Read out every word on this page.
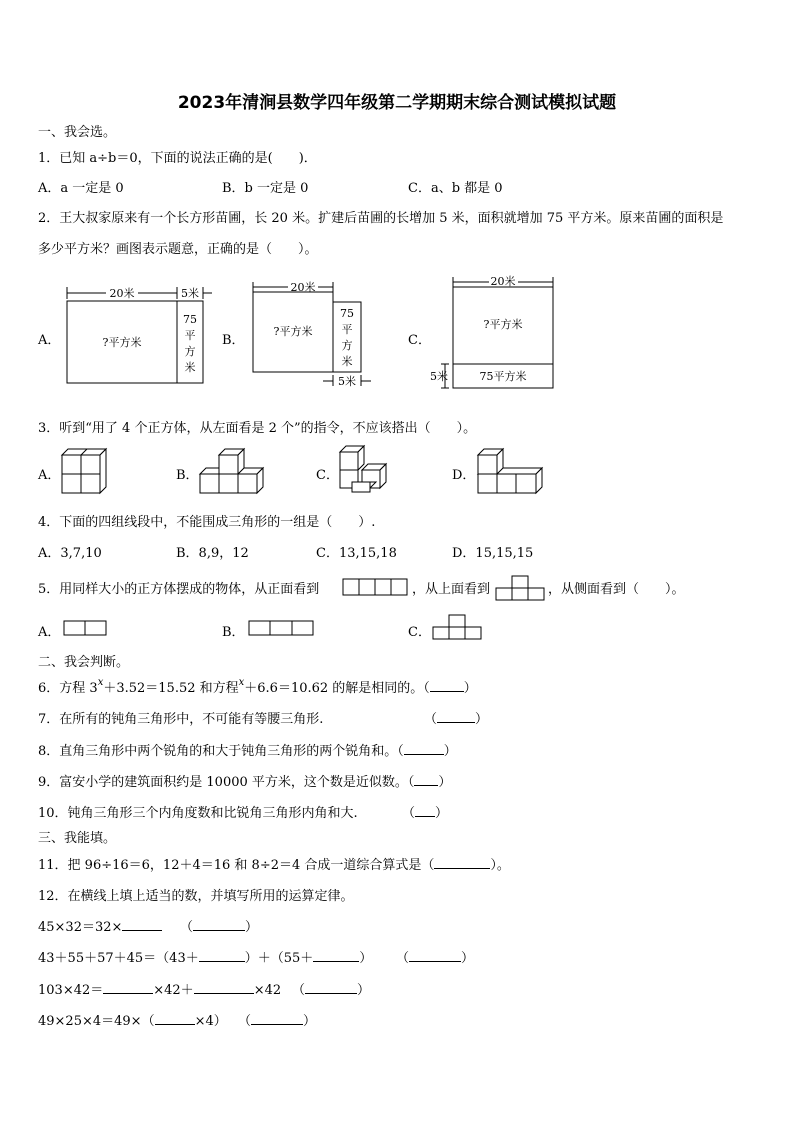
2023年清涧县数学四年级第二学期期末综合测试模拟试题
一、我会选。
1．已知 a÷b＝0，下面的说法正确的是(　　)．
A．a 一定是 0	B．b 一定是 0	C．a、b 都是 0
2．王大叔家原来有一个长方形苗圃，长 20 米。扩建后苗圃的长增加 5 米，面积就增加 75 平方米。原来苗圃的面积是
多少平方米？画图表示题意，正确的是（　　）。
A．	B．	C．
20米	5米
?平方米
75
平
方
米
20米
?平方米
75
平
方
米
5米
20米
?平方米
75平方米
5米
3．听到“用了 4 个正方体，从左面看是 2 个”的指令，不应该搭出（　　）。
A．	B．	C．	D．
4．下面的四组线段中，不能围成三角形的一组是（　　）.
A．3,7,10	B．8,9，12	C．13,15,18	D．15,15,15
5．用同样大小的正方体摆成的物体，从正面看到	，从上面看到	，从侧面看到（　　）。
A．	B．	C．
二、我会判断。
6．方程 $3^x+3.52=15.52$ 和方程$^x$＋6.6＝10.62 的解是相同的。（	）
7．在所有的钝角三角形中，不可能有等腰三角形.	（	）
8．直角三角形中两个锐角的和大于钝角三角形的两个锐角和。（	）
9．富安小学的建筑面积约是 10000 平方米，这个数是近似数。（ ）
10．钝角三角形三个内角度数和比锐角三角形内角和大.	（ ）
三、我能填。
11．把 96÷16＝6，12＋4＝16 和 8÷2＝4 合成一道综合算式是（	）。
12．在横线上填上适当的数，并填写所用的运算定律。
45×32＝32×	（	）
43＋55＋57＋45＝（43＋	）＋（55＋	） （	）
103×42＝	×42＋	×42 （	）
49×25×4＝49×（	×4） （	）
